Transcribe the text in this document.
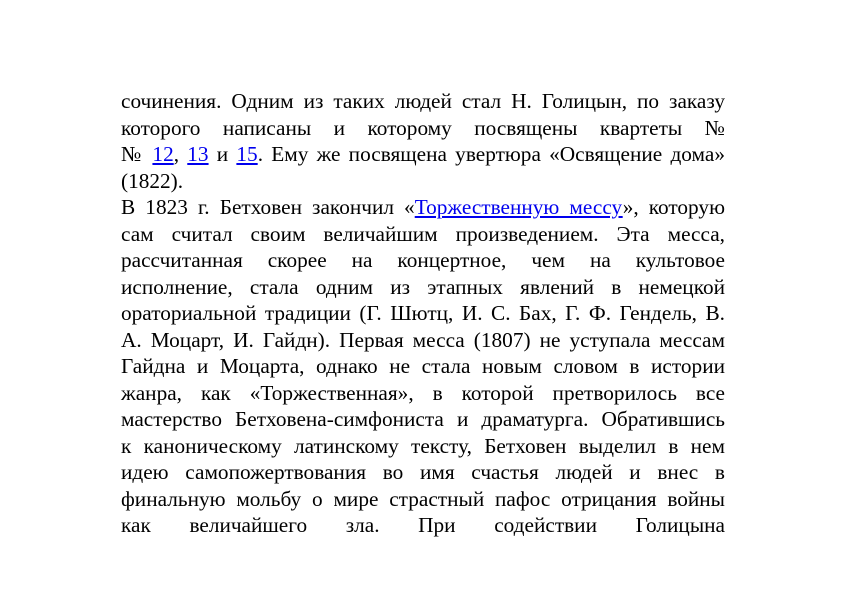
сочинения. Одним из таких людей стал Н. Голицын, по заказу
которого написаны и которому посвящены квартеты №
№ 12, 13 и 15. Ему же посвящена увертюра «Освящение дома»
(1822).
В 1823 г. Бетховен закончил «Торжественную мессу», которую
сам считал своим величайшим произведением. Эта месса,
рассчитанная скорее на концертное, чем на культовое
исполнение, стала одним из этапных явлений в немецкой
ораториальной традиции (Г. Шютц, И. С. Бах, Г. Ф. Гендель, В.
А. Моцарт, И. Гайдн). Первая месса (1807) не уступала мессам
Гайдна и Моцарта, однако не стала новым словом в истории
жанра, как «Торжественная», в которой претворилось все
мастерство Бетховена-симфониста и драматурга. Обратившись
к каноническому латинскому тексту, Бетховен выделил в нем
идею самопожертвования во имя счастья людей и внес в
финальную мольбу о мире страстный пафос отрицания войны
как величайшего зла. При содействии Голицына
